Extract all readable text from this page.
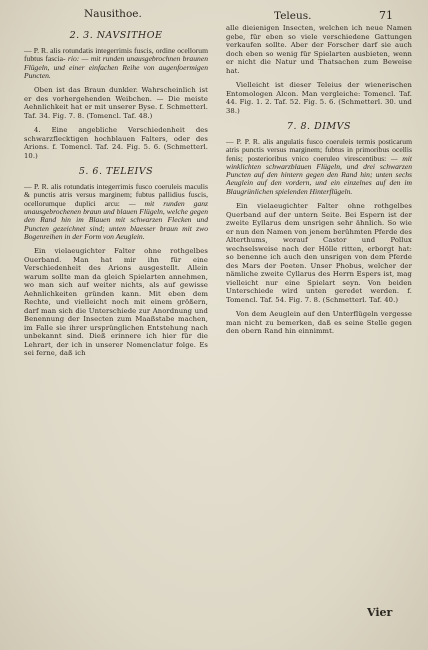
Nausithoe.	Teleus.	71
2. 3. NAVSITHOE
— P. R. alis rotundatis integerrimis fuscis, ordine ocellorum fubtus fascia- rio: — mit runden unausgebrochnen braunen Flügeln, und einer einfachen Reihe von augenfoermigen Puncten.
Oben ist das Braun dunkler. Wahrscheinlich ist er des vorhergehenden Weibchen. — Die meiste Aehnlichkeit hat er mit unserer Byse. f. Schmetterl. Taf. 34. Fig. 7. 8. (Tomencl. Taf. 48.)
4. Eine angebliche Verschiedenheit des schwarzflecktigen hochblauen Falters, oder des Arions. f. Tomencl. Taf. 24. Fig. 5. 6. (Schmetterl. 10.)
5. 6. TELEIVS
— P. R. alis rotundatis integerrimis fusco coeruleis maculis & punctis atris versus marginem; fubtus pallidius fuscis, ocellorumque duplici arcu: — mit runden ganz unausgebrochenen braun und blauen Flügeln, welche gegen den Rand hin im Blauen mit schwarzen Flecken und Puncten gezeichnet sind; unten blaesser braun mit zwo Bogenreihen in der Form von Aeuglein.
Ein vielaeugichter Falter ohne rothgelbes Ouerband. Man hat mir ihn für eine Verschiedenheit des Arions ausgestellt. Allein warum sollte man da gleich Spielarten annehmen, wo man sich auf weiter nichts, als auf gewisse Aehnlichkeiten gründen kann. Mit eben dem Rechte, und vielleicht noch mit einem größern, darf man sich die Unterschiede zur Anordnung und Benennung der Insecten zum Maaßstabe machen, im Falle sie ihrer ursprünglichen Entstehung nach unbekannt sind. Dieß erinnere ich hier für die Lehrart, der ich in unserer Nomenclatur folge. Es sei ferne, daß ich
alle dieienigen Insecten, welchen ich neue Namen gebe, für eben so viele verschiedene Gattungen verkaufen sollte. Aber der Forscher darf sie auch doch eben so wenig für Spielarten ausbieten, wenn er nicht die Natur und Thatsachen zum Beweise hat.
Vielleicht ist dieser Teleius der wienerischen Entomologen Alcon. Man vergleiche: Tomencl. Taf. 44. Fig. 1. 2. Taf. 52. Fig. 5. 6. (Schmetterl. 30. und 38.)
7. 8. DIMVS
— P. P. R. alis angulatis fusco coeruleis termis posticarum atris punctis versus marginem; fubtus in primoribus ocellis fenis; posterioribus vnico coeruleo virescentibus: — mit winklichten schwarzblauen Flügeln, und drei schwarzen Puncten auf den hintern gegen den Rand hin; unten sechs Aeuglein auf den vordern, und ein einzelnes auf den im Blaugrünlichen spielenden Hinterflügeln.
Ein vielaeugichter Falter ohne rothgelbes Querband auf der untern Seite. Bei Espern ist der zweite Eyllarus dem unsrigen sehr ähnlich. So wie er nun den Namen von jenem berühmten Pferde des Alterthums, worauf Castor und Pollux wechselsweise nach der Hölle ritten, erborgt hat: so benenne ich auch den unsrigen von dem Pferde des Mars der Poeten. Unser Phobus, welcher der nämliche zweite Cyllarus des Herrn Espers ist, mag vielleicht nur eine Spielart seyn. Von beiden Unterschiede wird unten geredet werden. f. Tomencl. Taf. 54. Fig. 7. 8. (Schmetterl. Taf. 40.)
Von dem Aeuglein auf den Unterflügeln vergesse man nicht zu bemerken, daß es seine Stelle gegen den obern Rand hin einnimmt.
Vier
